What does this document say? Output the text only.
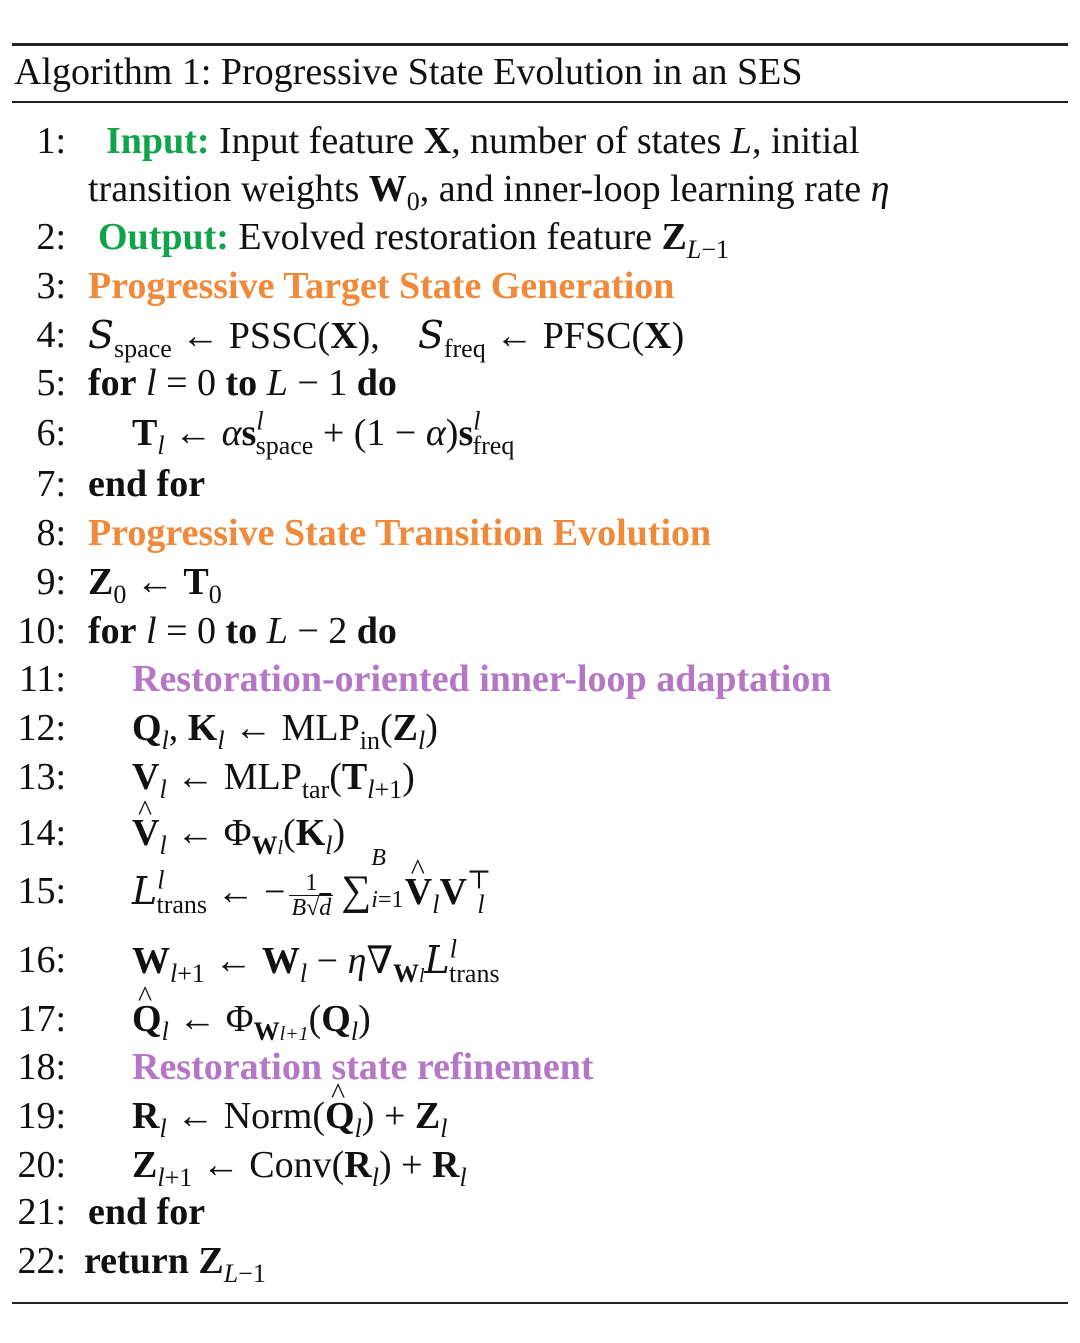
Algorithm 1: Progressive State Evolution in an SES
1: Input: Input feature X, number of states L, initial
transition weights $W_0$, and inner-loop learning rate η
2: Output: Evolved restoration feature $Z_{L-1}$
3: Progressive Target State Generation
4: $S_{space}$ ← PSSC(X),    $S_{freq}$ ← PFSC(X)
5: for l = 0 to L − 1 do
6: $T_l$ ← $\alpha s^l_{space} + (1 - \alpha)s^l_{freq}$
7: end for
8: Progressive State Transition Evolution
9: $Z_0$ ← $T_0$
10: for l = 0 to L − 2 do
11: Restoration-oriented inner-loop adaptation
12: $Q_l$, $K_l$ ← $MLP_{in}(Z_l)$
13: $V_l$ ← $MLP_{tar}(T_{l+1})$
14: ^ $V_l$ ← $\Phi_{Wl}(K_l)$
15: $L^l_{trans}$ ← − $\frac{1}{B√d}$ ∑
B
i=1 ^ $V_lV^⊤_l$
16: $W_{l+1}$ ← $W_l - \eta\nabla_{Wl}L^l_{trans}$
17: ^ $Q_l$ ← $\Phi_{Wl+1}(Q_l)$
18: Restoration state refinement
19: $R_l$ ← Norm(^ $Q_l) + Z_l$
20: $Z_{l+1}$ ← $Conv(R_l) + R_l$
21: end for
22: return $Z_{L-1}$
